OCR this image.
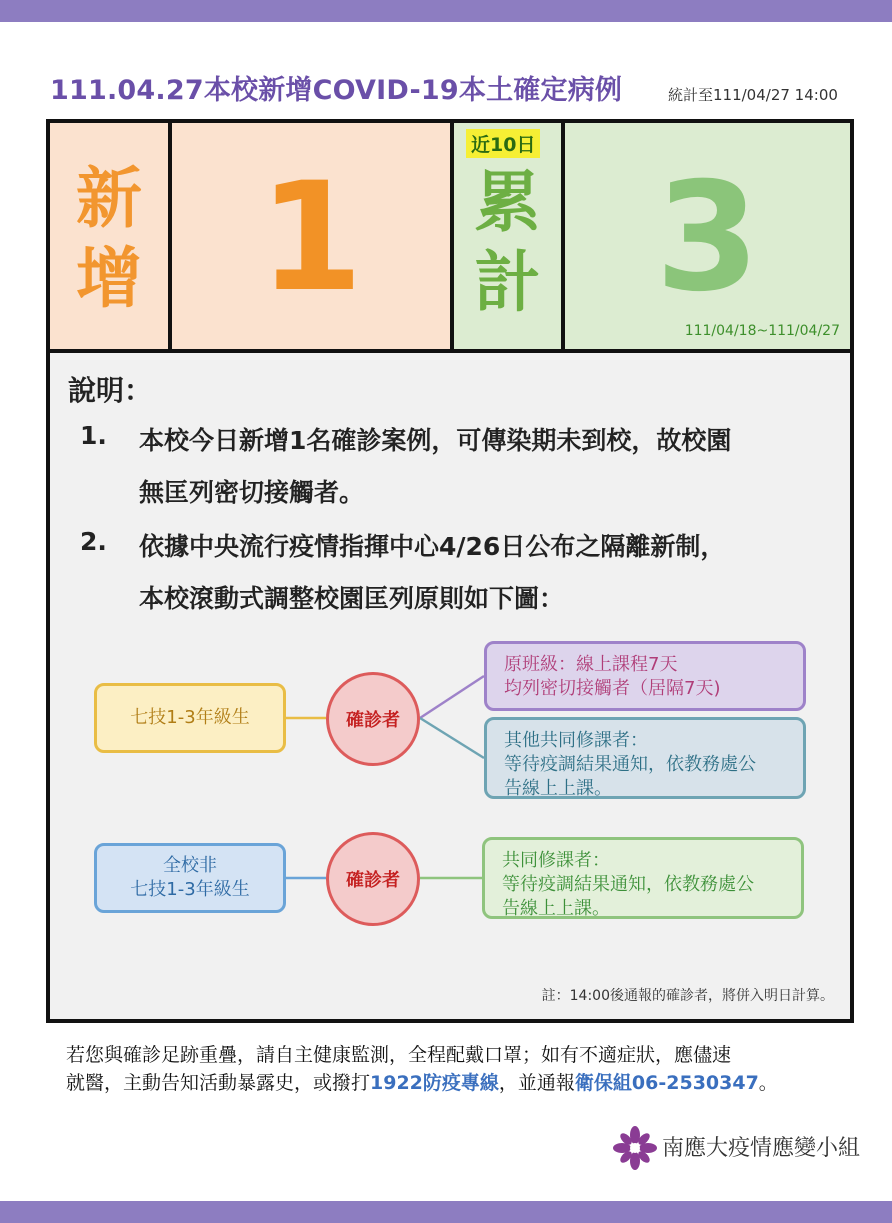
111.04.27本校新增COVID-19本土確定病例	統計至111/04/27 14:00
新
增 1
近10日
累
計 3
111/04/18~111/04/27
說明：
1. 本校今日新增1名確診案例，可傳染期未到校，故校園
無匡列密切接觸者。
2. 依據中央流行疫情指揮中心4/26日公布之隔離新制，
本校滾動式調整校園匡列原則如下圖：
七技1-3年級生	確診者
原班級：線上課程7天
均列密切接觸者（居隔7天)
其他共同修課者：
等待疫調結果通知，依教務處公
告線上上課。
全校非
七技1-3年級生	確診者
共同修課者：
等待疫調結果通知，依教務處公
告線上上課。
註：14:00後通報的確診者，將併入明日計算。
若您與確診足跡重疊，請自主健康監測，全程配戴口罩；如有不適症狀，應儘速
就醫，主動告知活動暴露史，或撥打1922防疫專線，並通報衛保組06-2530347。
南應大疫情應變小組
